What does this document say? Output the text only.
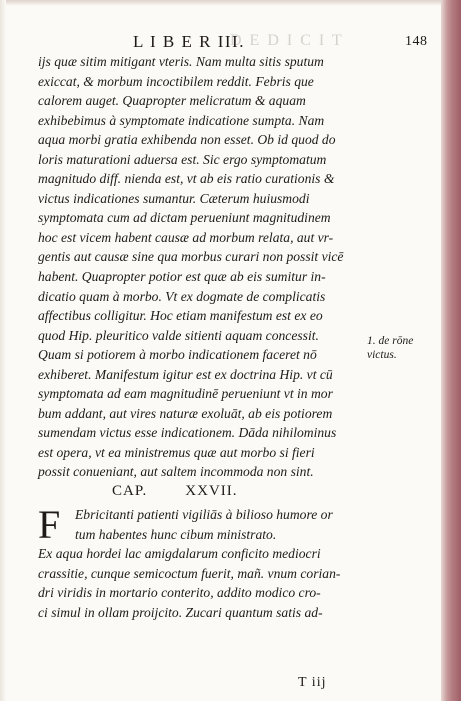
D E D I C I T
L I B E R III.	148
ijs quæ sitim mitigant vteris. Nam multa sitis sputum
exiccat, & morbum incoctibilem reddit. Febris que
calorem auget. Quapropter melicratum & aquam
exhibebimus à symptomate indicatione sumpta. Nam
aqua morbi gratia exhibenda non esset. Ob id quod do
loris maturationi aduersa est. Sic ergo symptomatum
magnitudo diff. nienda est, vt ab eis ratio curationis &
victus indicationes sumantur. Cæterum huiusmodi
symptomata cum ad dictam perueniunt magnitudinem
hoc est vicem habent causæ ad morbum relata, aut vr-
gentis aut causæ sine qua morbus curari non possit vicē
habent. Quapropter potior est quæ ab eis sumitur in-
dicatio quam à morbo. Vt ex dogmate de complicatis
affectibus colligitur. Hoc etiam manifestum est ex eo
quod Hip. pleuritico valde sitienti aquam concessit.
Quam si potiorem à morbo indicationem faceret nō
exhiberet. Manifestum igitur est ex doctrina Hip. vt cū
symptomata ad eam magnitudinē perueniunt vt in mor
bum addant, aut vires naturæ exoluāt, ab eis potiorem
sumendam victus esse indicationem. Dāda nihilominus
est opera, vt ea ministremus quæ aut morbo si fieri
possit conueniant, aut saltem incommoda non sint.
1. de rōne
victus.
CAP.	XXVII.
F	Ebricitanti patienti vigiliās à bilioso humore or
tum habentes hunc cibum ministrato.
Ex aqua hordei lac amigdalarum conficito mediocri
crassitie, cunque semicoctum fuerit, mañ. vnum corian-
dri viridis in mortario conterito, addito modico cro-
ci simul in ollam proijcito. Zucari quantum satis ad-
T iij
